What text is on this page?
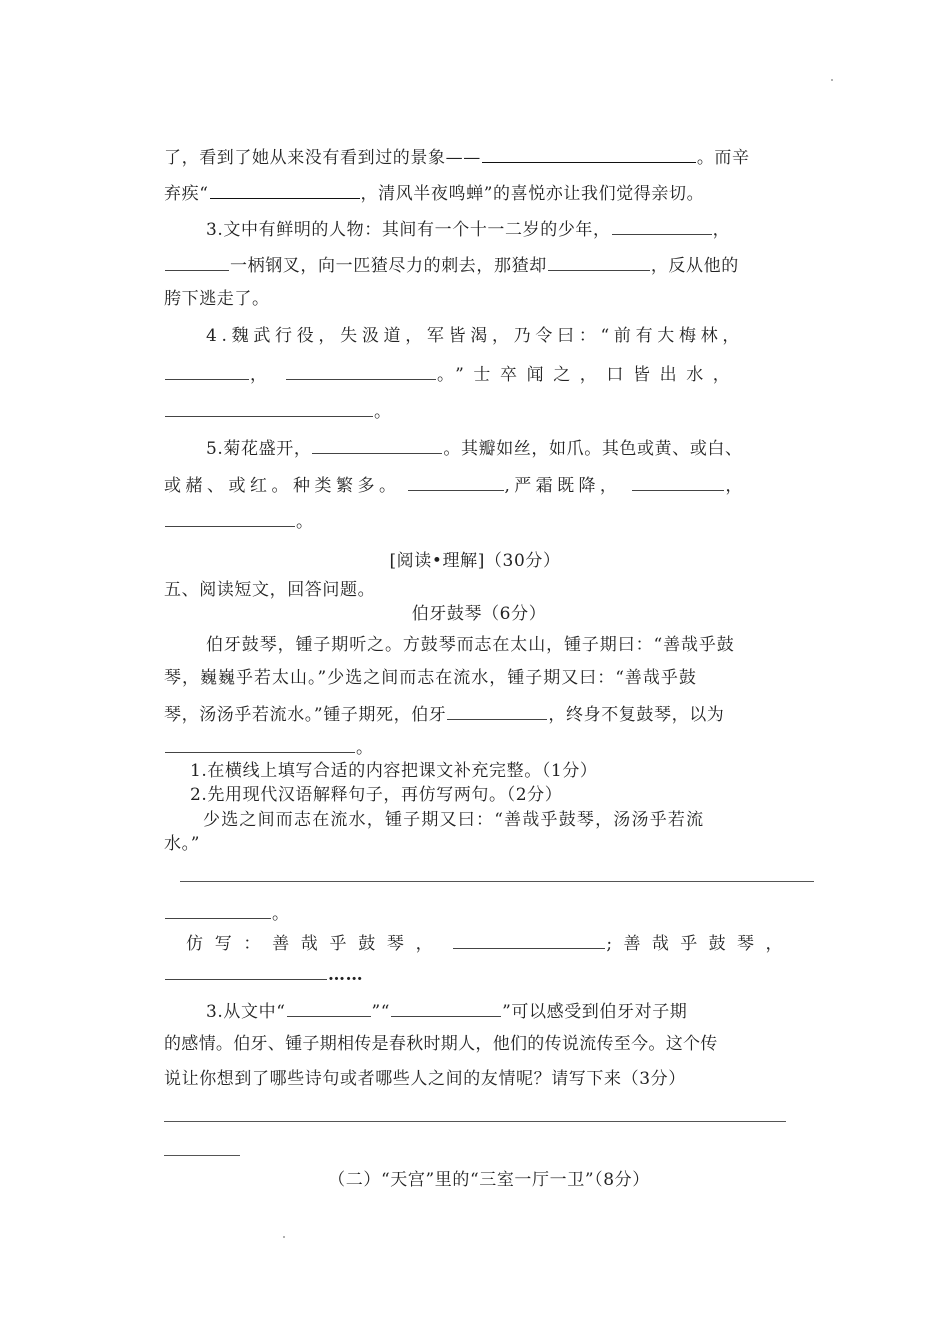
了，看到了她从来没有看到过的景象——	。而辛
弃疾“	，清风半夜鸣蝉”的喜悦亦让我们觉得亲切。
3.文中有鲜明的人物：其间有一个十一二岁的少年，	，
一柄钢叉，向一匹猹尽力的刺去，那猹却	，反从他的
胯下逃走了。
4.魏武行役，失汲道，军皆渴，乃令曰：“前有大梅林，
，	。”士卒闻之，口皆出水，
。
5.菊花盛开，	。其瓣如丝，如爪。其色或黄、或白、
或赭、或红。种类繁多。	,严霜既降，	，
。
[阅读•理解]（30分）
五、阅读短文，回答问题。
伯牙鼓琴（6分）
伯牙鼓琴，锺子期听之。方鼓琴而志在太山，锺子期曰：“善哉乎鼓
琴，巍巍乎若太山。”少选之间而志在流水，锺子期又曰：“善哉乎鼓
琴，汤汤乎若流水。”锺子期死，伯牙	，终身不复鼓琴，以为
。
1.在横线上填写合适的内容把课文补充完整。（1分）
2.先用现代汉语解释句子，再仿写两句。（2分）
少选之间而志在流水，锺子期又曰：“善哉乎鼓琴，汤汤乎若流
水。”
。
仿写：善哉乎鼓琴，	;善哉乎鼓琴，
……
3.从文中“	”“	”可以感受到伯牙对子期
的感情。伯牙、锺子期相传是春秋时期人，他们的传说流传至今。这个传
说让你想到了哪些诗句或者哪些人之间的友情呢？请写下来（3分）
（二）“天宫”里的“三室一厅一卫”（8分）
